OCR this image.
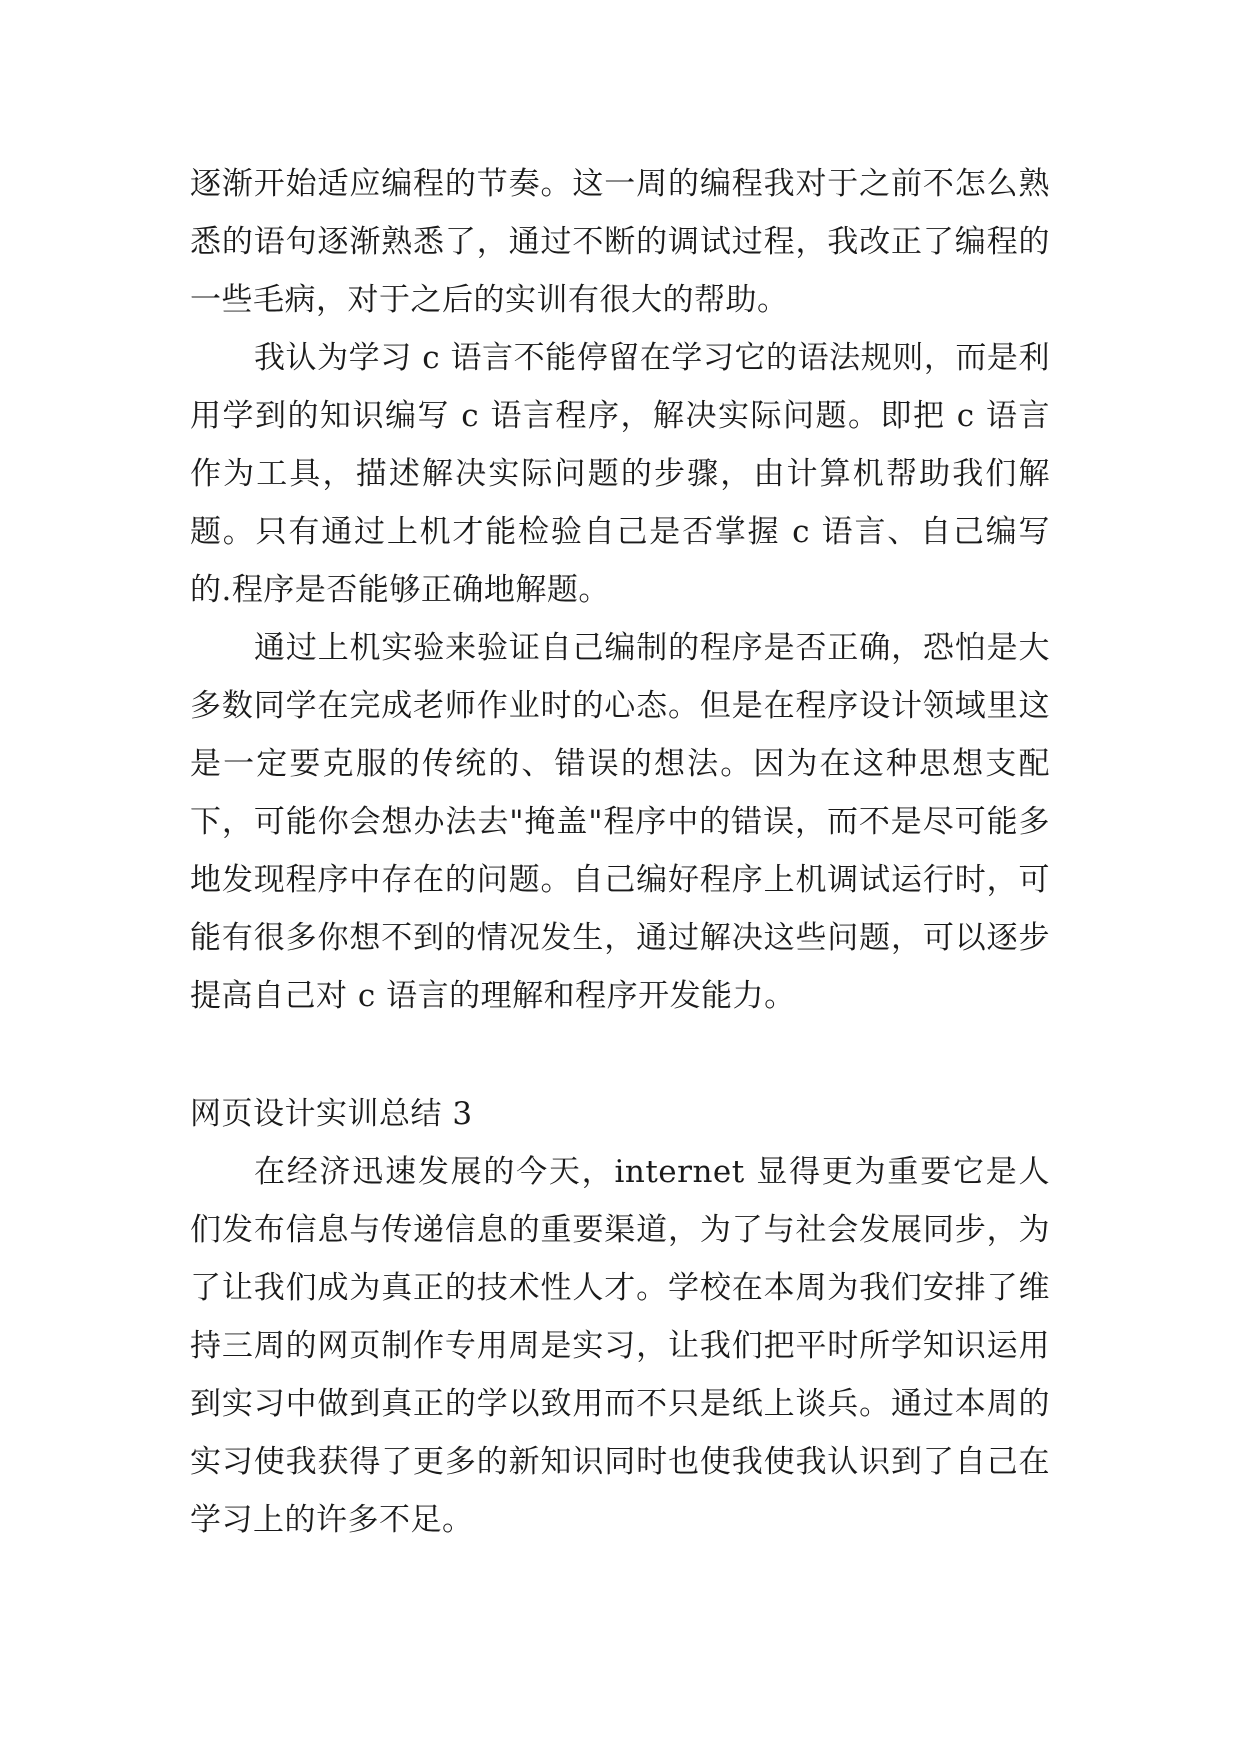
逐渐开始适应编程的节奏。这一周的编程我对于之前不怎么熟悉的语句逐渐熟悉了，通过不断的调试过程，我改正了编程的一些毛病，对于之后的实训有很大的帮助。

我认为学习 c 语言不能停留在学习它的语法规则，而是利用学到的知识编写 c 语言程序，解决实际问题。即把 c 语言作为工具，描述解决实际问题的步骤，由计算机帮助我们解题。只有通过上机才能检验自己是否掌握 c 语言、自己编写的.程序是否能够正确地解题。

通过上机实验来验证自己编制的程序是否正确，恐怕是大多数同学在完成老师作业时的心态。但是在程序设计领域里这是一定要克服的传统的、错误的想法。因为在这种思想支配下，可能你会想办法去"掩盖"程序中的错误，而不是尽可能多地发现程序中存在的问题。自己编好程序上机调试运行时，可能有很多你想不到的情况发生，通过解决这些问题，可以逐步提高自己对 c 语言的理解和程序开发能力。

网页设计实训总结 3

在经济迅速发展的今天，internet 显得更为重要它是人们发布信息与传递信息的重要渠道，为了与社会发展同步，为了让我们成为真正的技术性人才。学校在本周为我们安排了维持三周的网页制作专用周是实习，让我们把平时所学知识运用到实习中做到真正的学以致用而不只是纸上谈兵。通过本周的实习使我获得了更多的新知识同时也使我使我认识到了自己在学习上的许多不足。
